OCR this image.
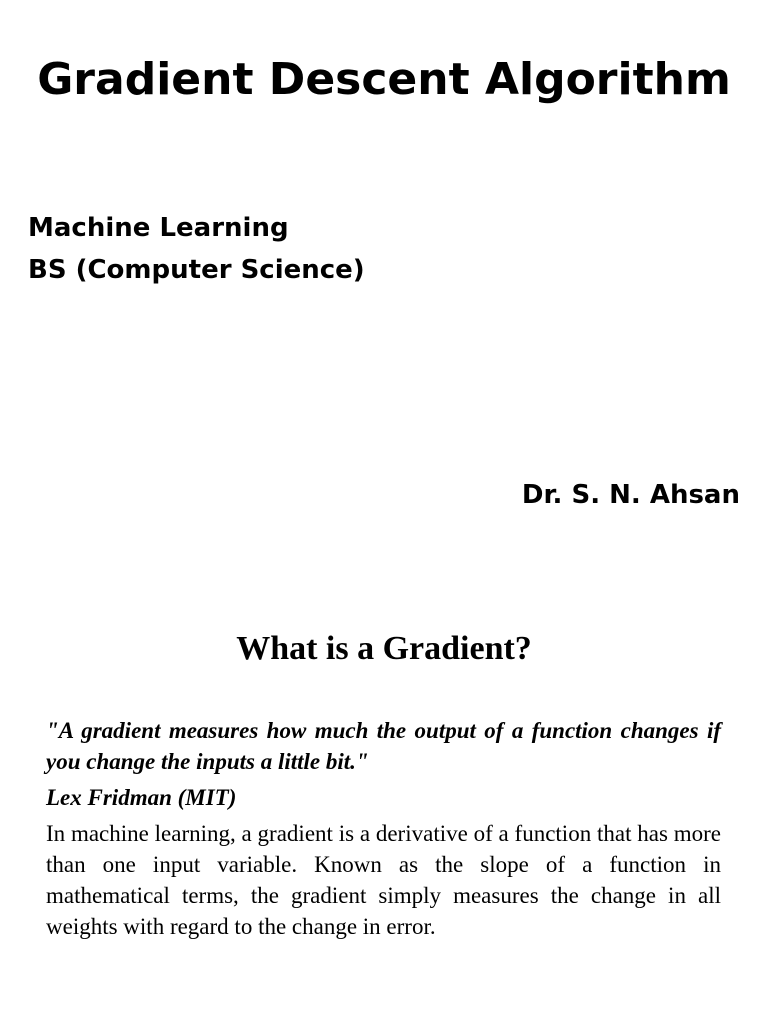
Gradient Descent Algorithm
Machine Learning
BS (Computer Science)
Dr. S. N. Ahsan
What is a Gradient?

"A gradient measures how much the output of a function changes if you change the inputs a little bit."

Lex Fridman (MIT)

In machine learning, a gradient is a derivative of a function that has more than one input variable. Known as the slope of a function in mathematical terms, the gradient simply measures the change in all weights with regard to the change in error.
